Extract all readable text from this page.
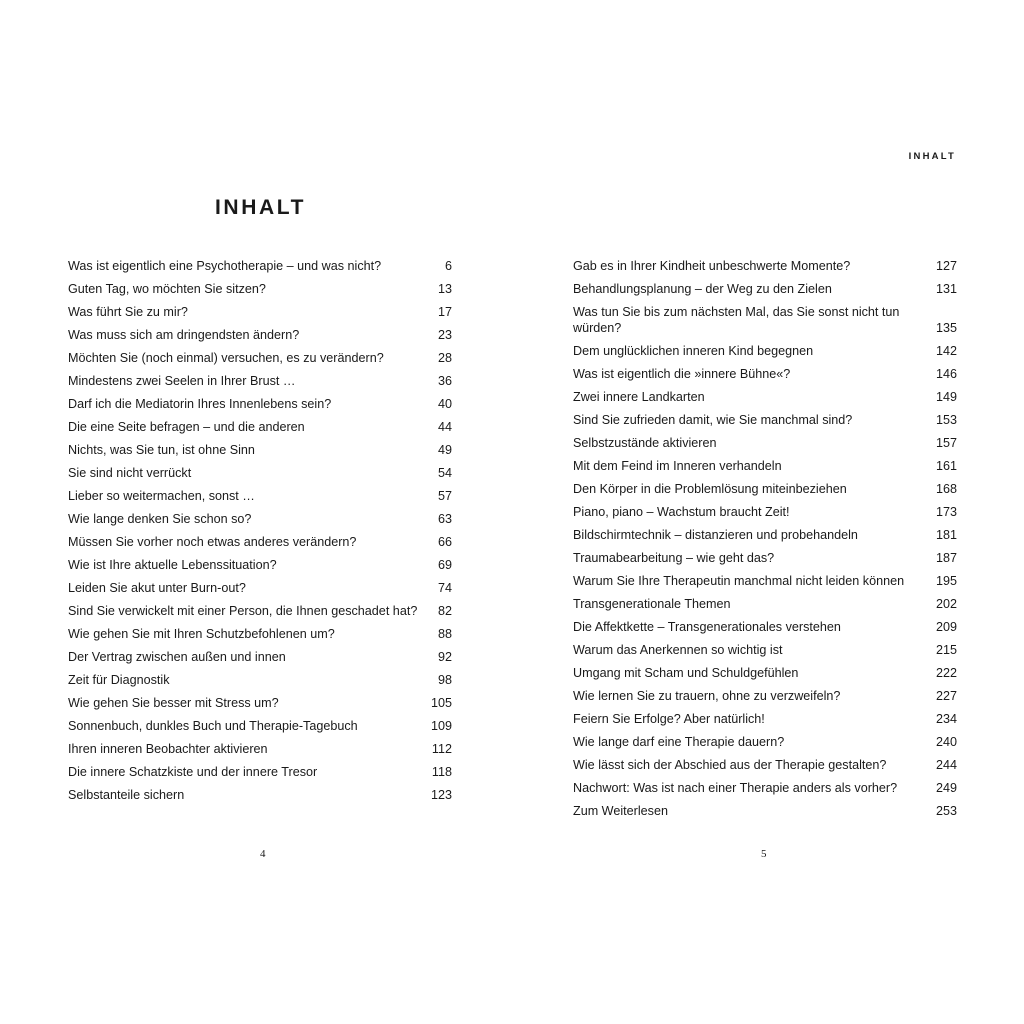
INHALT
INHALT
Was ist eigentlich eine Psychotherapie – und was nicht?	6
Guten Tag, wo möchten Sie sitzen?	13
Was führt Sie zu mir?	17
Was muss sich am dringendsten ändern?	23
Möchten Sie (noch einmal) versuchen, es zu verändern?	28
Mindestens zwei Seelen in Ihrer Brust …	36
Darf ich die Mediatorin Ihres Innenlebens sein?	40
Die eine Seite befragen – und die anderen	44
Nichts, was Sie tun, ist ohne Sinn	49
Sie sind nicht verrückt	54
Lieber so weitermachen, sonst …	57
Wie lange denken Sie schon so?	63
Müssen Sie vorher noch etwas anderes verändern?	66
Wie ist Ihre aktuelle Lebenssituation?	69
Leiden Sie akut unter Burn-out?	74
Sind Sie verwickelt mit einer Person, die Ihnen geschadet hat?	82
Wie gehen Sie mit Ihren Schutzbefohlenen um?	88
Der Vertrag zwischen außen und innen	92
Zeit für Diagnostik	98
Wie gehen Sie besser mit Stress um?	105
Sonnenbuch, dunkles Buch und Therapie-Tagebuch	109
Ihren inneren Beobachter aktivieren	112
Die innere Schatzkiste und der innere Tresor	118
Selbstanteile sichern	123
Gab es in Ihrer Kindheit unbeschwerte Momente?	127
Behandlungsplanung – der Weg zu den Zielen	131
Was tun Sie bis zum nächsten Mal, das Sie sonst nicht tun würden?	135
Dem unglücklichen inneren Kind begegnen	142
Was ist eigentlich die »innere Bühne«?	146
Zwei innere Landkarten	149
Sind Sie zufrieden damit, wie Sie manchmal sind?	153
Selbstzustände aktivieren	157
Mit dem Feind im Inneren verhandeln	161
Den Körper in die Problemlösung miteinbeziehen	168
Piano, piano – Wachstum braucht Zeit!	173
Bildschirmtechnik – distanzieren und probehandeln	181
Traumabearbeitung – wie geht das?	187
Warum Sie Ihre Therapeutin manchmal nicht leiden können	195
Transgenerationale Themen	202
Die Affektkette – Transgenerationales verstehen	209
Warum das Anerkennen so wichtig ist	215
Umgang mit Scham und Schuldgefühlen	222
Wie lernen Sie zu trauern, ohne zu verzweifeln?	227
Feiern Sie Erfolge? Aber natürlich!	234
Wie lange darf eine Therapie dauern?	240
Wie lässt sich der Abschied aus der Therapie gestalten?	244
Nachwort: Was ist nach einer Therapie anders als vorher?	249
Zum Weiterlesen	253
4	5
